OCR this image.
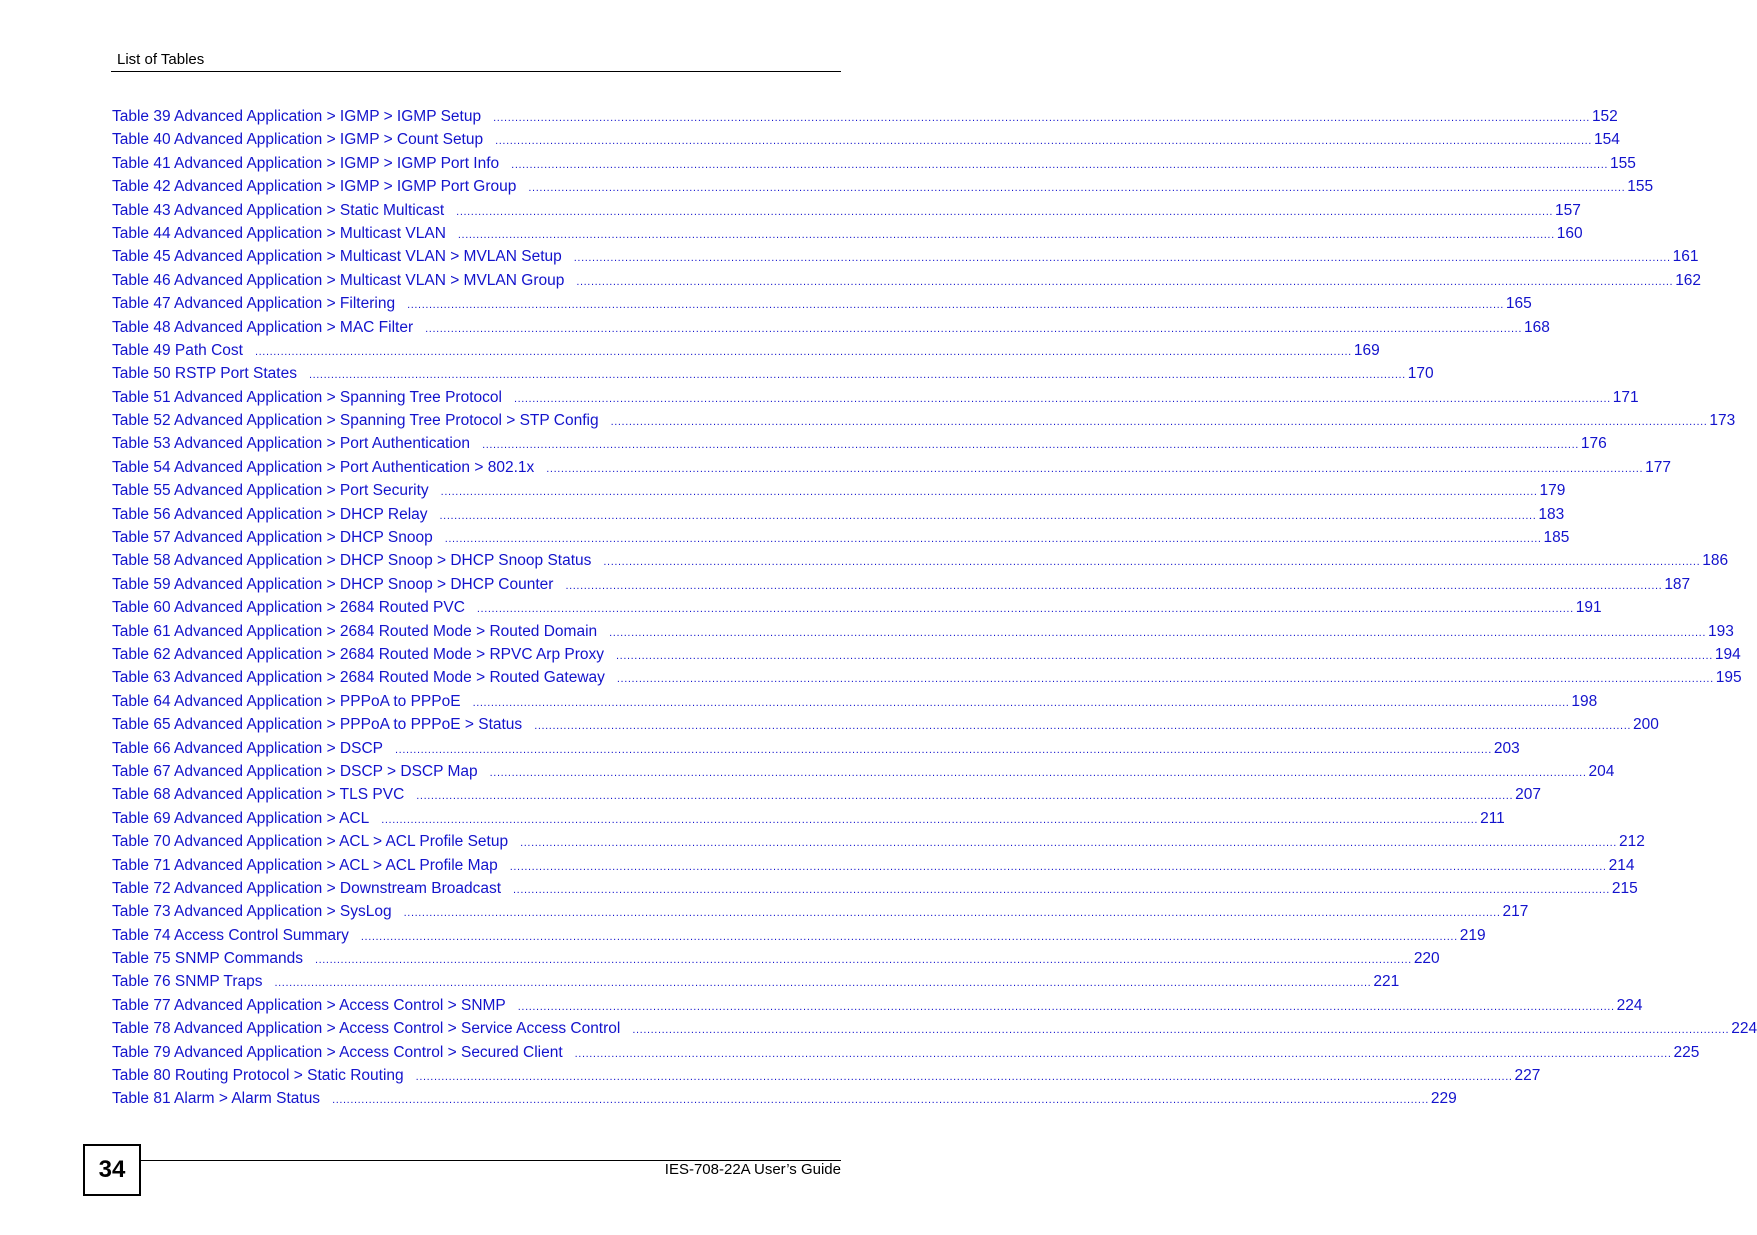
List of Tables
Table 39 Advanced Application > IGMP > IGMP Setup	............................................................................................................................................................................................................................................................................................................ 152
Table 40 Advanced Application > IGMP > Count Setup	............................................................................................................................................................................................................................................................................................................ 154
Table 41 Advanced Application > IGMP > IGMP Port Info	............................................................................................................................................................................................................................................................................................................ 155
Table 42 Advanced Application > IGMP > IGMP Port Group	............................................................................................................................................................................................................................................................................................................ 155
Table 43 Advanced Application > Static Multicast	............................................................................................................................................................................................................................................................................................................ 157
Table 44 Advanced Application > Multicast VLAN	............................................................................................................................................................................................................................................................................................................ 160
Table 45 Advanced Application > Multicast VLAN > MVLAN Setup	............................................................................................................................................................................................................................................................................................................ 161
Table 46 Advanced Application > Multicast VLAN > MVLAN Group	............................................................................................................................................................................................................................................................................................................ 162
Table 47 Advanced Application > Filtering	............................................................................................................................................................................................................................................................................................................ 165
Table 48 Advanced Application > MAC Filter	............................................................................................................................................................................................................................................................................................................ 168
Table 49 Path Cost	............................................................................................................................................................................................................................................................................................................ 169
Table 50 RSTP Port States	............................................................................................................................................................................................................................................................................................................ 170
Table 51 Advanced Application > Spanning Tree Protocol	............................................................................................................................................................................................................................................................................................................ 171
Table 52 Advanced Application > Spanning Tree Protocol > STP Config	............................................................................................................................................................................................................................................................................................................ 173
Table 53 Advanced Application > Port Authentication	............................................................................................................................................................................................................................................................................................................ 176
Table 54 Advanced Application > Port Authentication > 802.1x	............................................................................................................................................................................................................................................................................................................ 177
Table 55 Advanced Application > Port Security	............................................................................................................................................................................................................................................................................................................ 179
Table 56 Advanced Application > DHCP Relay	............................................................................................................................................................................................................................................................................................................ 183
Table 57 Advanced Application > DHCP Snoop	............................................................................................................................................................................................................................................................................................................ 185
Table 58 Advanced Application > DHCP Snoop > DHCP Snoop Status	............................................................................................................................................................................................................................................................................................................ 186
Table 59 Advanced Application > DHCP Snoop > DHCP Counter	............................................................................................................................................................................................................................................................................................................ 187
Table 60 Advanced Application > 2684 Routed PVC	............................................................................................................................................................................................................................................................................................................ 191
Table 61 Advanced Application > 2684 Routed Mode > Routed Domain	............................................................................................................................................................................................................................................................................................................ 193
Table 62 Advanced Application > 2684 Routed Mode > RPVC Arp Proxy	............................................................................................................................................................................................................................................................................................................ 194
Table 63 Advanced Application > 2684 Routed Mode > Routed Gateway	............................................................................................................................................................................................................................................................................................................ 195
Table 64 Advanced Application > PPPoA to PPPoE	............................................................................................................................................................................................................................................................................................................ 198
Table 65 Advanced Application > PPPoA to PPPoE > Status	............................................................................................................................................................................................................................................................................................................ 200
Table 66 Advanced Application > DSCP	............................................................................................................................................................................................................................................................................................................ 203
Table 67 Advanced Application > DSCP > DSCP Map	............................................................................................................................................................................................................................................................................................................ 204
Table 68 Advanced Application > TLS PVC	............................................................................................................................................................................................................................................................................................................ 207
Table 69 Advanced Application > ACL	............................................................................................................................................................................................................................................................................................................ 211
Table 70 Advanced Application > ACL > ACL Profile Setup	............................................................................................................................................................................................................................................................................................................ 212
Table 71 Advanced Application > ACL > ACL Profile Map	............................................................................................................................................................................................................................................................................................................ 214
Table 72 Advanced Application > Downstream Broadcast	............................................................................................................................................................................................................................................................................................................ 215
Table 73 Advanced Application > SysLog	............................................................................................................................................................................................................................................................................................................ 217
Table 74 Access Control Summary	............................................................................................................................................................................................................................................................................................................ 219
Table 75 SNMP Commands	............................................................................................................................................................................................................................................................................................................ 220
Table 76 SNMP Traps	............................................................................................................................................................................................................................................................................................................ 221
Table 77 Advanced Application > Access Control > SNMP	............................................................................................................................................................................................................................................................................................................ 224
Table 78 Advanced Application > Access Control > Service Access Control	............................................................................................................................................................................................................................................................................................................ 224
Table 79 Advanced Application > Access Control > Secured Client	............................................................................................................................................................................................................................................................................................................ 225
Table 80 Routing Protocol > Static Routing	............................................................................................................................................................................................................................................................................................................ 227
Table 81 Alarm > Alarm Status	............................................................................................................................................................................................................................................................................................................ 229
34	IES-708-22A User’s Guide
